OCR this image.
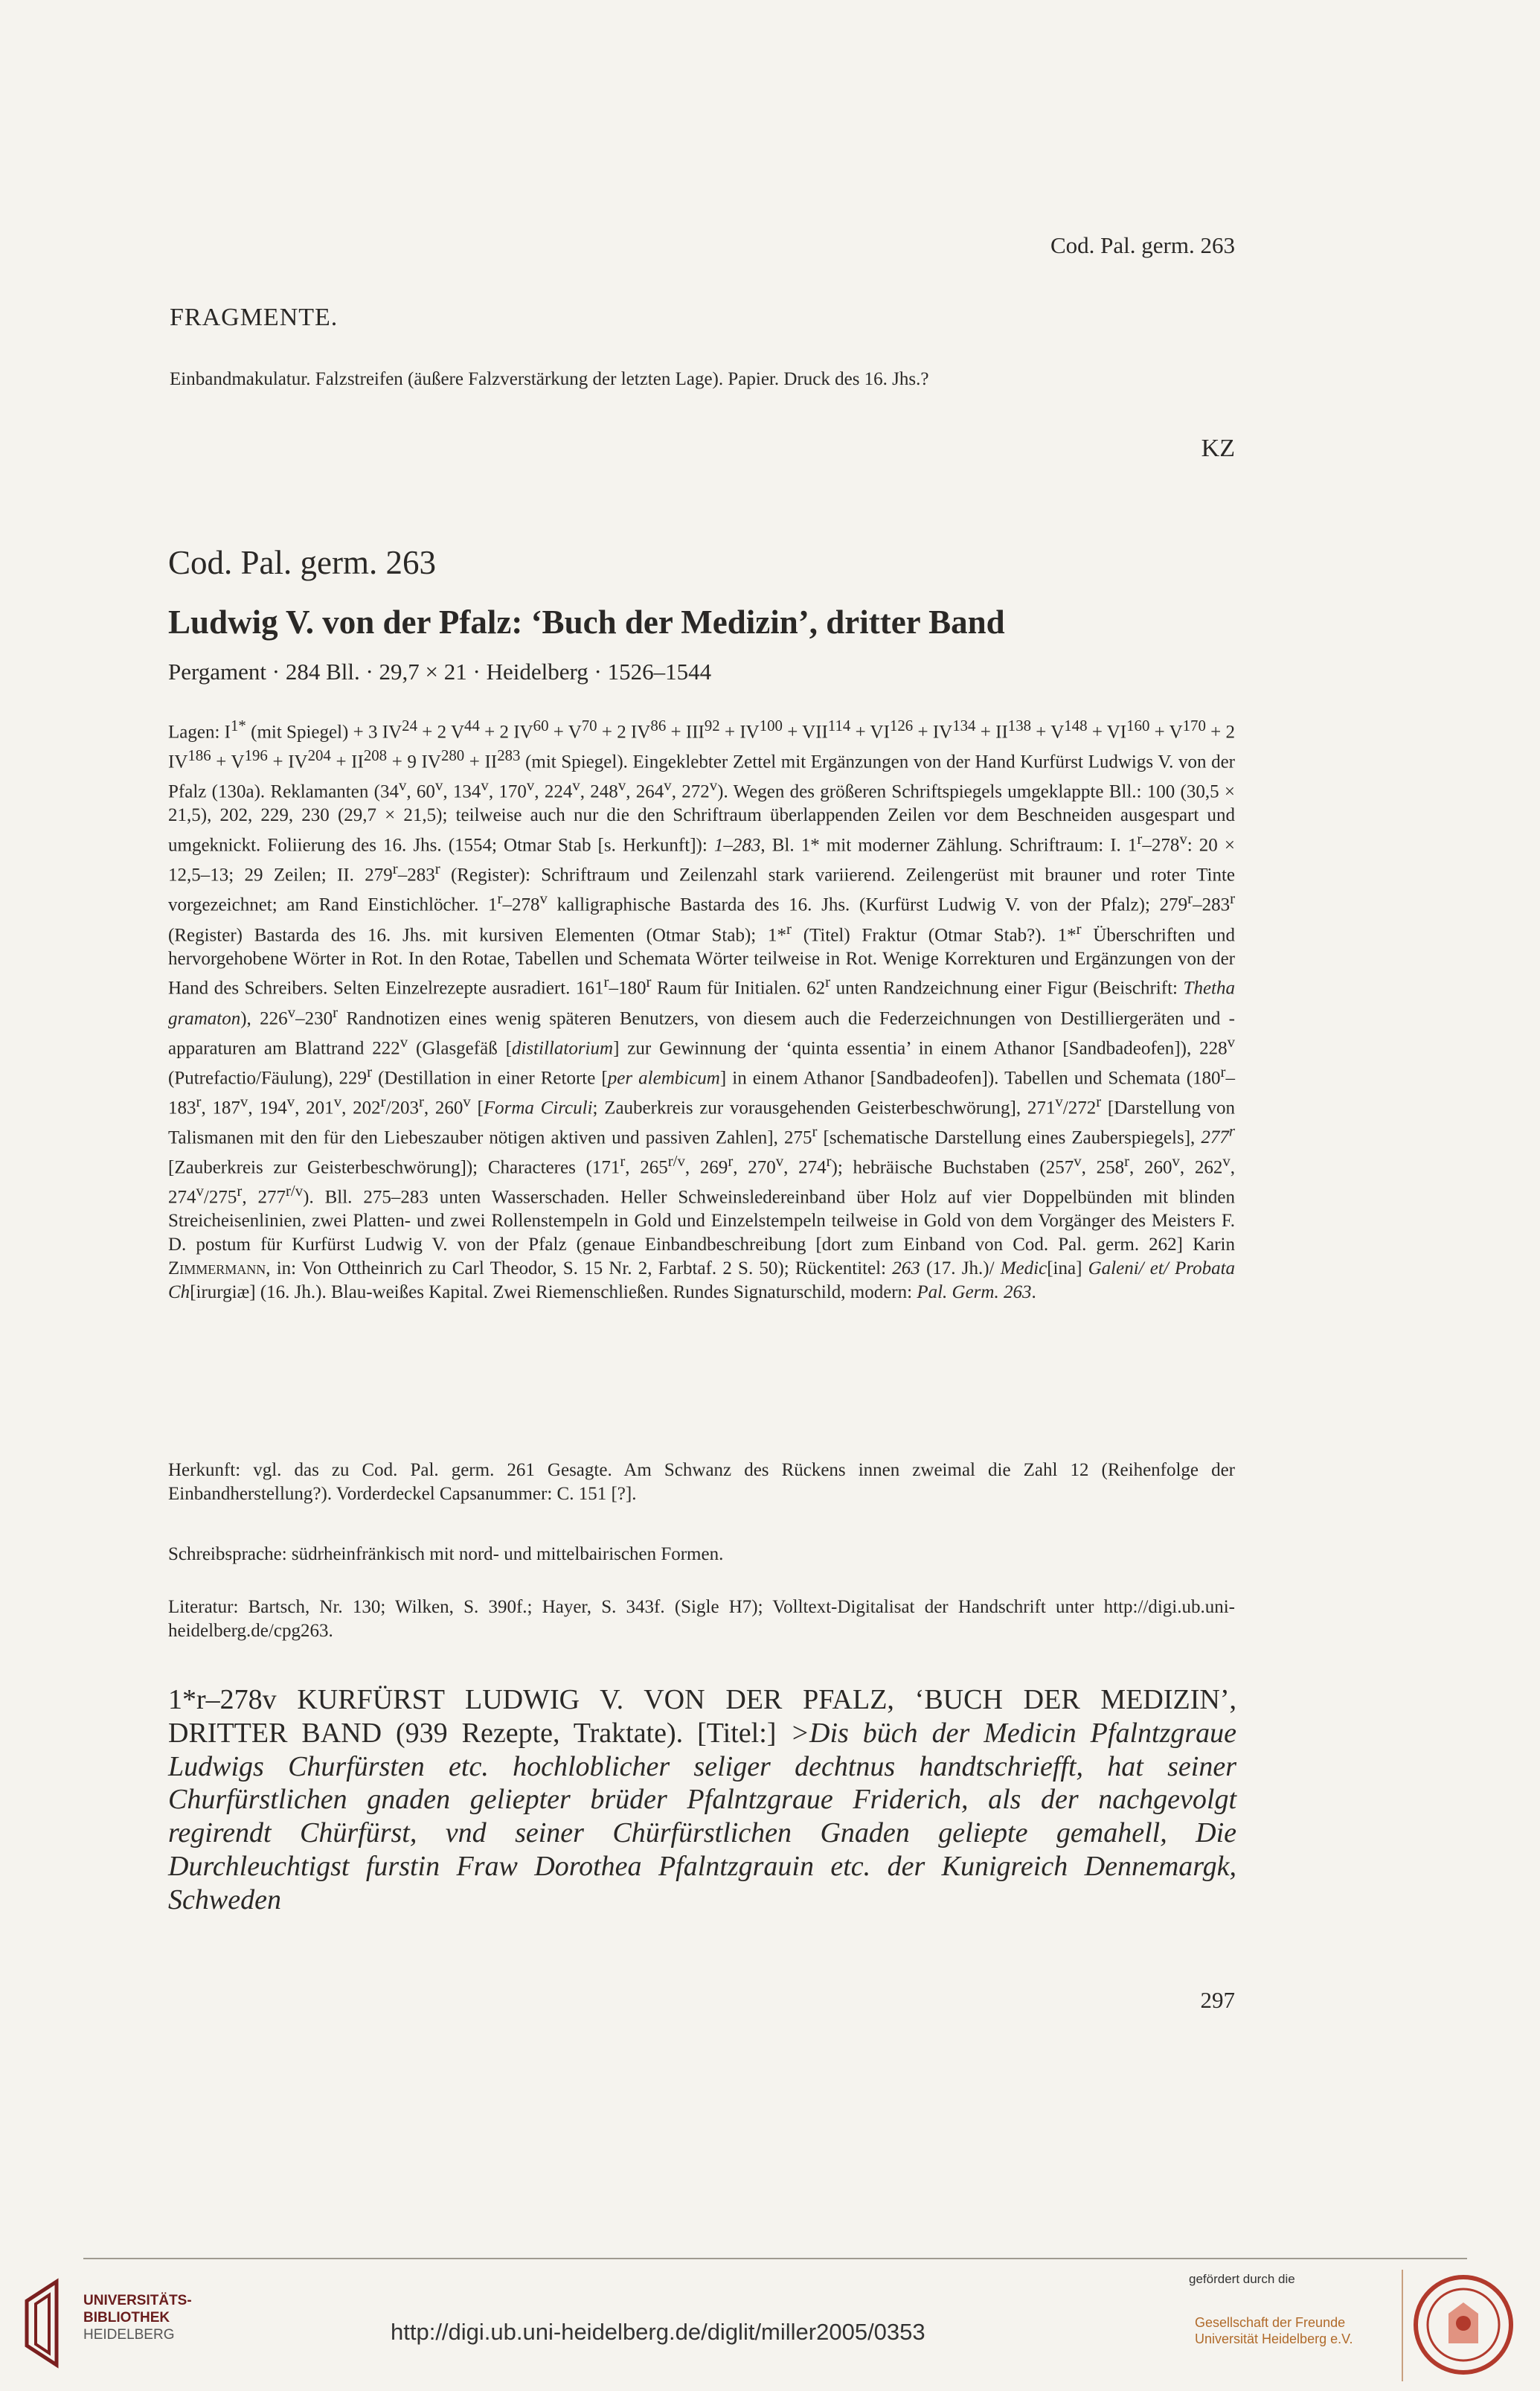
Cod. Pal. germ. 263
FRAGMENTE.
Einbandmakulatur. Falzstreifen (äußere Falzverstärkung der letzten Lage). Papier. Druck des 16. Jhs.?
KZ
Cod. Pal. germ. 263
Ludwig V. von der Pfalz: ‘Buch der Medizin’, dritter Band
Pergament · 284 Bll. · 29,7 × 21 · Heidelberg · 1526–1544
Lagen: $I^{1*}$ (mit Spiegel) + 3 $IV^{24} + 2$ $V^{44} + 2$ $IV^{60} + V^{70} + 2$ $IV^{86} + III^{92} + IV^{100} + VII^{114} + VI^{126} + IV^{134} + II^{138} + V^{148} + VI^{160} + V^{170} + 2$ $IV^{186} + V^{196} + IV^{204} + II^{208} + 9$ $IV^{280} + II^{283}$ (mit Spiegel). Eingeklebter Zettel mit Ergänzungen von der Hand Kurfürst Ludwigs V. von der Pfalz (130a). Reklamanten (34$^v$, 60$^v$, 134$^v$, 170$^v$, 224$^v$, 248$^v$, 264$^v$, 272$^v$). Wegen des größeren Schriftspiegels umgeklappte Bll.: 100 (30,5 × 21,5), 202, 229, 230 (29,7 × 21,5); teilweise auch nur die den Schriftraum überlappenden Zeilen vor dem Beschneiden ausgespart und umgeknickt. Foliierung des 16. Jhs. (1554; Otmar Stab [s. Herkunft]): 1–283, Bl. 1* mit moderner Zählung. Schriftraum: I. 1$^r$–278$^v$: 20 × 12,5–13; 29 Zeilen; II. 279$^r$–283$^r$ (Register): Schriftraum und Zeilenzahl stark variierend. Zeilengerüst mit brauner und roter Tinte vorgezeichnet; am Rand Einstichlöcher. 1$^r$–278$^v$ kalligraphische Bastarda des 16. Jhs. (Kurfürst Ludwig V. von der Pfalz); 279$^r$–283$^r$ (Register) Bastarda des 16. Jhs. mit kursiven Elementen (Otmar Stab); 1*$^r$ (Titel) Fraktur (Otmar Stab?). 1*$^r$ Überschriften und hervorgehobene Wörter in Rot. In den Rotae, Tabellen und Schemata Wörter teilweise in Rot. Wenige Korrekturen und Ergänzungen von der Hand des Schreibers. Selten Einzelrezepte ausradiert. 161$^r$–180$^r$ Raum für Initialen. 62$^r$ unten Randzeichnung einer Figur (Beischrift: Thetha gramaton), 226$^v$–230$^r$ Randnotizen eines wenig späteren Benutzers, von diesem auch die Federzeichnungen von Destilliergeräten und -apparaturen am Blattrand 222$^v$ (Glasgefäß [distillatorium] zur Gewinnung der ‘quinta essentia’ in einem Athanor [Sandbadeofen]), 228$^v$ (Putrefactio/Fäulung), 229$^r$ (Destillation in einer Retorte [per alembicum] in einem Athanor [Sandbadeofen]). Tabellen und Schemata (180$^r$–183$^r$, 187$^v$, 194$^v$, 201$^v$, 202$^r$/203$^r$, 260$^v$ [Forma Circuli; Zauberkreis zur vorausgehenden Geisterbeschwörung], 271$^v$/272$^r$ [Darstellung von Talismanen mit den für den Liebeszauber nötigen aktiven und passiven Zahlen], 275$^r$ [schematische Darstellung eines Zauberspiegels], 277$^r$ [Zauberkreis zur Geisterbeschwörung]); Characteres (171$^r$, $265^{r/v}$, 269$^r$, 270$^v$, 274$^r$); hebräische Buchstaben (257$^v$, 258$^r$, 260$^v$, 262$^v$, 274$^v$/275$^r$, $277^{r/v}$). Bll. 275–283 unten Wasserschaden. Heller Schweinsledereinband über Holz auf vier Doppelbünden mit blinden Streicheisenlinien, zwei Platten- und zwei Rollenstempeln in Gold und Einzelstempeln teilweise in Gold von dem Vorgänger des Meisters F. D. postum für Kurfürst Ludwig V. von der Pfalz (genaue Einbandbeschreibung [dort zum Einband von Cod. Pal. germ. 262] Karin Zimmermann, in: Von Ottheinrich zu Carl Theodor, S. 15 Nr. 2, Farbtaf. 2 S. 50); Rückentitel: 263 (17. Jh.)/ Medic[ina] Galeni/ et/ Probata Ch[irurgiæ] (16. Jh.). Blau-weißes Kapital. Zwei Riemenschließen. Rundes Signaturschild, modern: Pal. Germ. 263.
Herkunft: vgl. das zu Cod. Pal. germ. 261 Gesagte. Am Schwanz des Rückens innen zweimal die Zahl 12 (Reihenfolge der Einbandherstellung?). Vorderdeckel Capsanummer: C. 151 [?].
Schreibsprache: südrheinfränkisch mit nord- und mittelbairischen Formen.
Literatur: Bartsch, Nr. 130; Wilken, S. 390f.; Hayer, S. 343f. (Sigle H7); Volltext-Digitalisat der Handschrift unter http://digi.ub.uni-heidelberg.de/cpg263.
1*r–278v KURFÜRST LUDWIG V. VON DER PFALZ, ‘BUCH DER MEDIZIN’, DRITTER BAND (939 Rezepte, Traktate). [Titel:] >Dis büch der Medicin Pfalntzgraue Ludwigs Churfürsten etc. hochloblicher seliger dechtnus handtschriefft, hat seiner Churfürstlichen gnaden geliepter brüder Pfalntzgraue Friderich, als der nachgevolgt regirendt Chürfürst, vnd seiner Chürfürstlichen Gnaden geliepte gemahell, Die Durchleuchtigst furstin Fraw Dorothea Pfalntzgrauin etc. der Kunigreich Dennemargk, Schweden
297
UNIVERSITÄTS-
BIBLIOTHEK
HEIDELBERG	http://digi.ub.uni-heidelberg.de/diglit/miller2005/0353
gefördert durch die
Gesellschaft der Freunde
Universität Heidelberg e.V.
